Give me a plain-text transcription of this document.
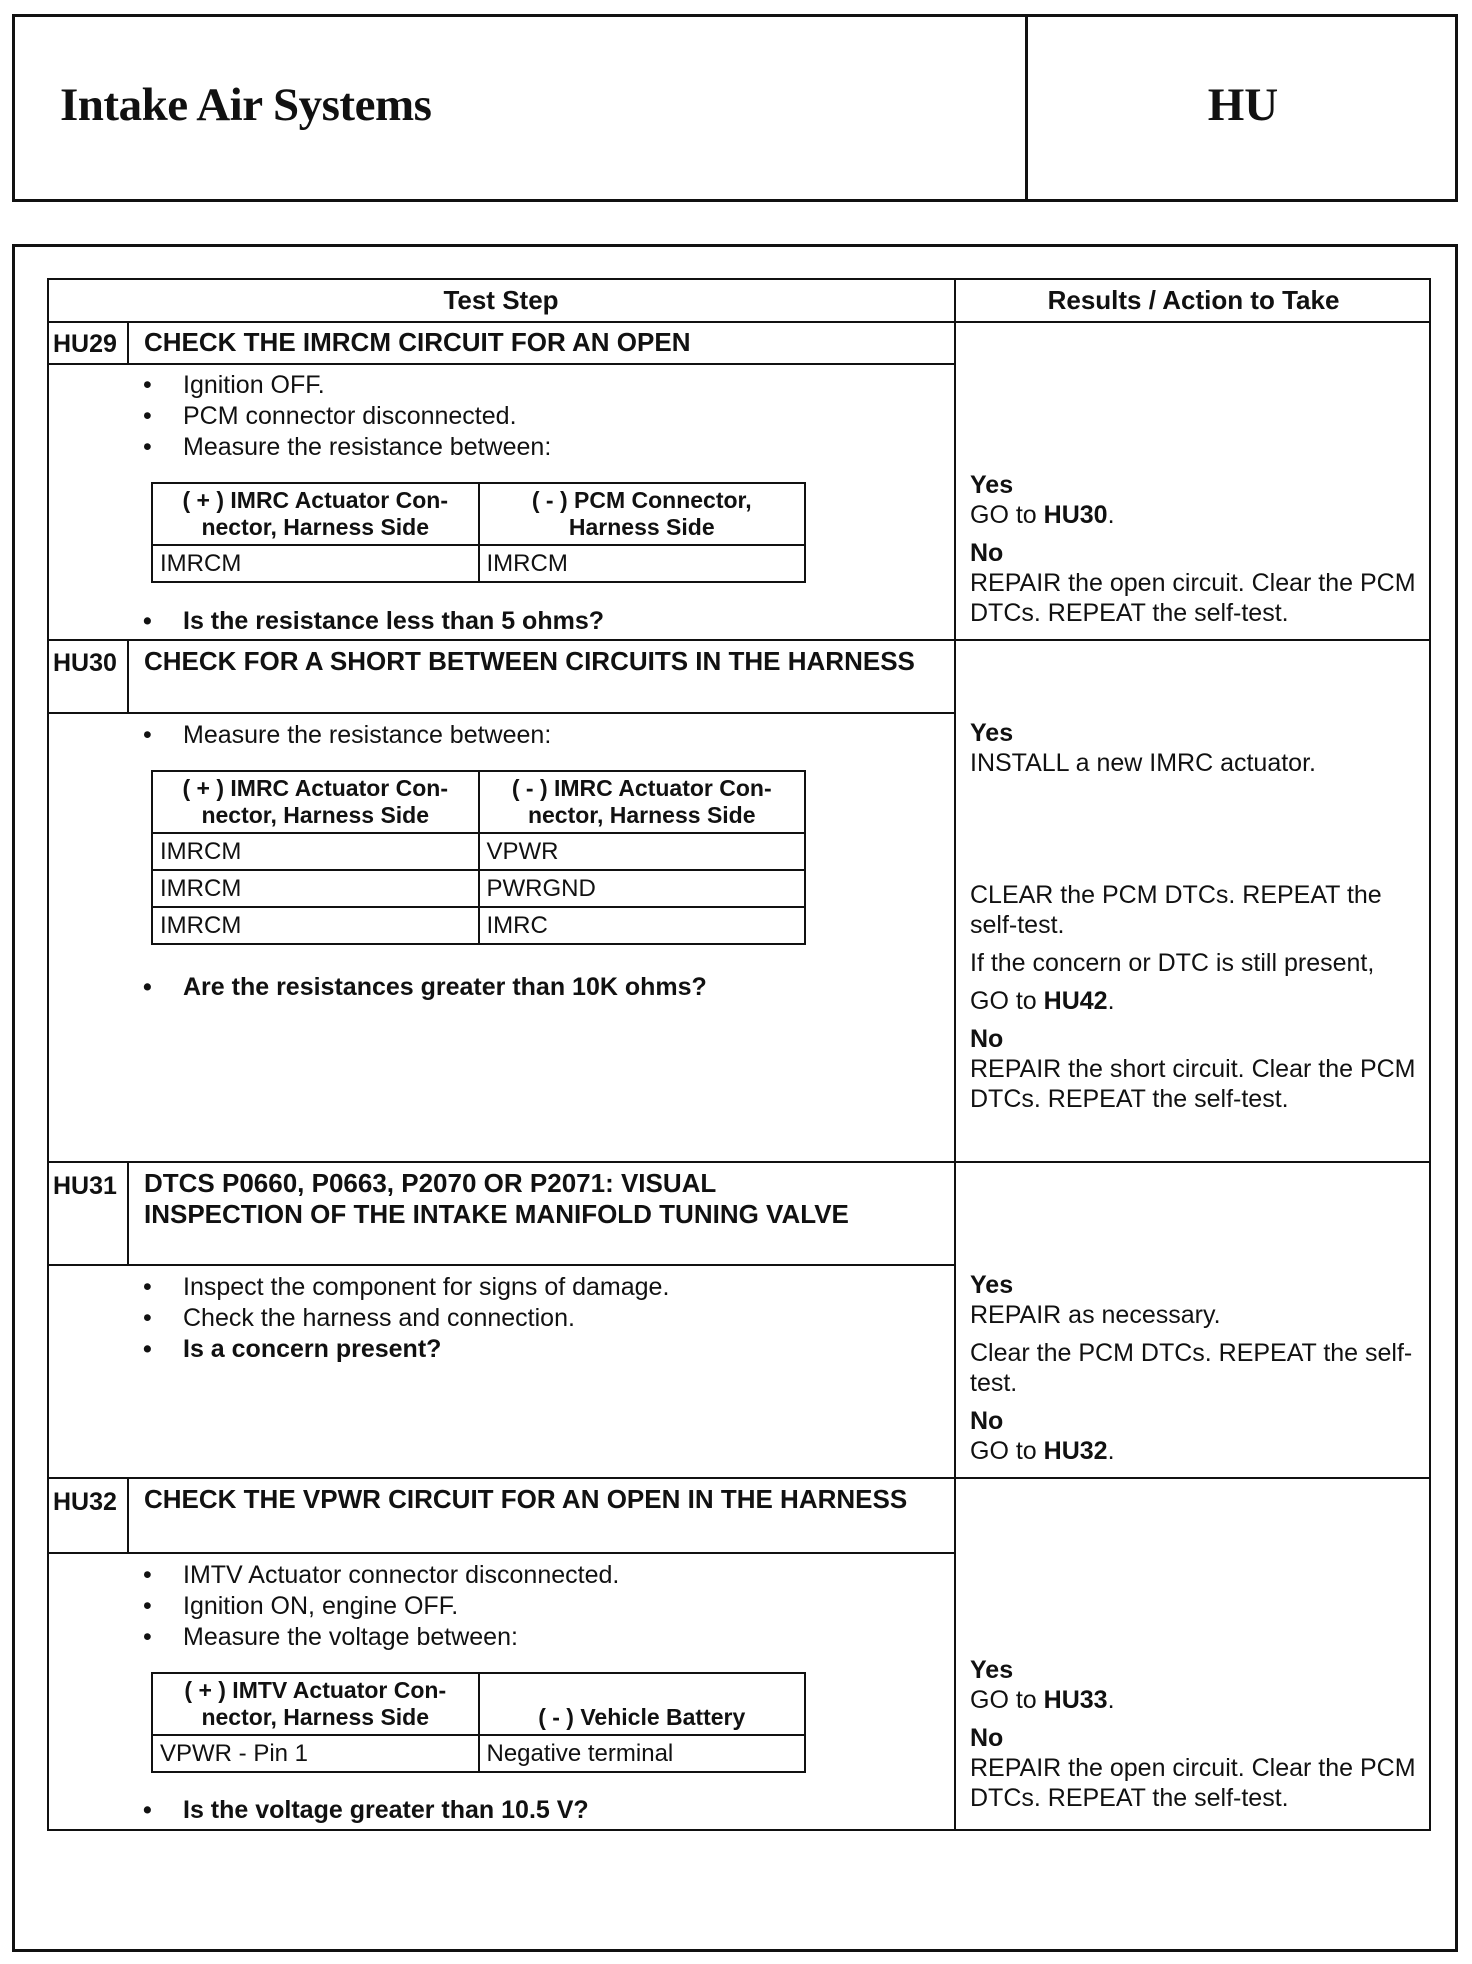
Intake Air Systems	HU
Test Step	Results / Action to Take
HU29 CHECK THE IMRCM CIRCUIT FOR AN OPEN
• Ignition OFF.
• PCM connector disconnected.
• Measure the resistance between:
( + ) IMRC Actuator Con-nector, Harness Side	( - ) PCM Connector, Harness Side
IMRCM	IMRCM
• Is the resistance less than 5 ohms?
Yes
GO to HU30.
No
REPAIR the open circuit. Clear the PCM DTCs. REPEAT the self-test.
HU30 CHECK FOR A SHORT BETWEEN CIRCUITS IN THE HARNESS
• Measure the resistance between:
( + ) IMRC Actuator Con-nector, Harness Side	( - ) IMRC Actuator Con-nector, Harness Side
IMRCM	VPWR
IMRCM	PWRGND
IMRCM	IMRC
• Are the resistances greater than 10K ohms?
Yes
INSTALL a new IMRC actuator.
CLEAR the PCM DTCs. REPEAT the self-test.
If the concern or DTC is still present,
GO to HU42.
No
REPAIR the short circuit. Clear the PCM DTCs. REPEAT the self-test.
HU31 DTCS P0660, P0663, P2070 OR P2071: VISUAL INSPECTION OF THE INTAKE MANIFOLD TUNING VALVE
• Inspect the component for signs of damage.
• Check the harness and connection.
• Is a concern present?
Yes
REPAIR as necessary.
Clear the PCM DTCs. REPEAT the self-test.
No
GO to HU32.
HU32 CHECK THE VPWR CIRCUIT FOR AN OPEN IN THE HARNESS
• IMTV Actuator connector disconnected.
• Ignition ON, engine OFF.
• Measure the voltage between:
( + ) IMTV Actuator Con-nector, Harness Side	( - ) Vehicle Battery
VPWR - Pin 1	Negative terminal
• Is the voltage greater than 10.5 V?
Yes
GO to HU33.
No
REPAIR the open circuit. Clear the PCM DTCs. REPEAT the self-test.
